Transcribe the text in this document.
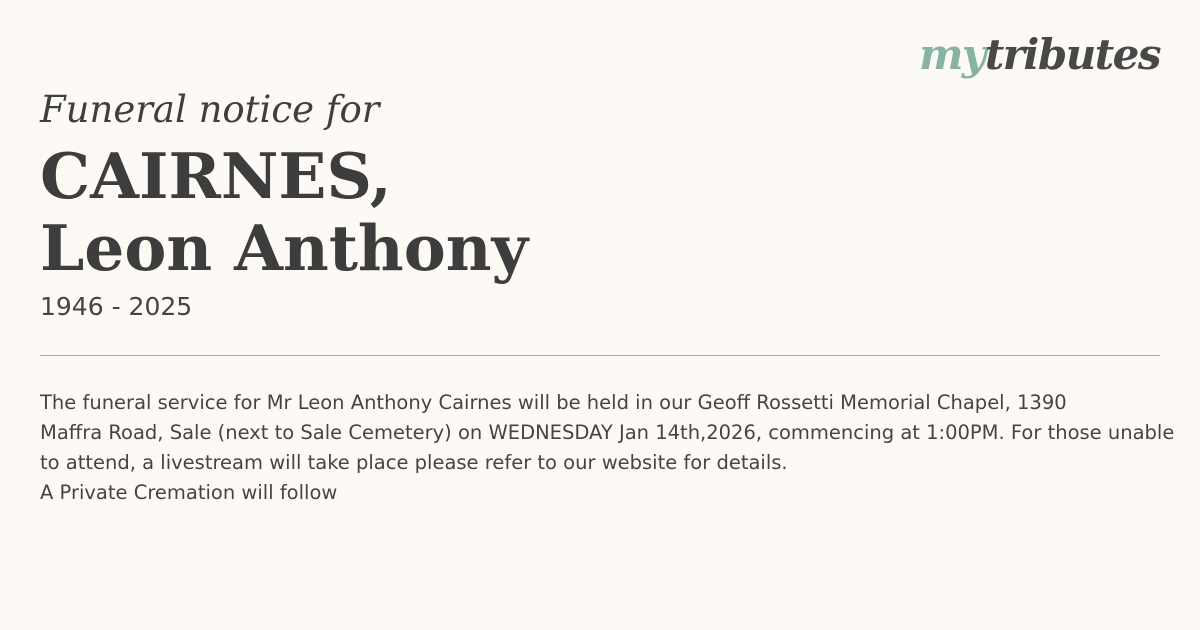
mytributes
Funeral notice for
CAIRNES,
Leon Anthony
1946 - 2025
The funeral service for Mr Leon Anthony Cairnes will be held in our Geoff Rossetti Memorial Chapel, 1390
Maffra Road, Sale (next to Sale Cemetery) on WEDNESDAY Jan 14th,2026, commencing at 1:00PM. For those unable
to attend, a livestream will take place please refer to our website for details.
A Private Cremation will follow
